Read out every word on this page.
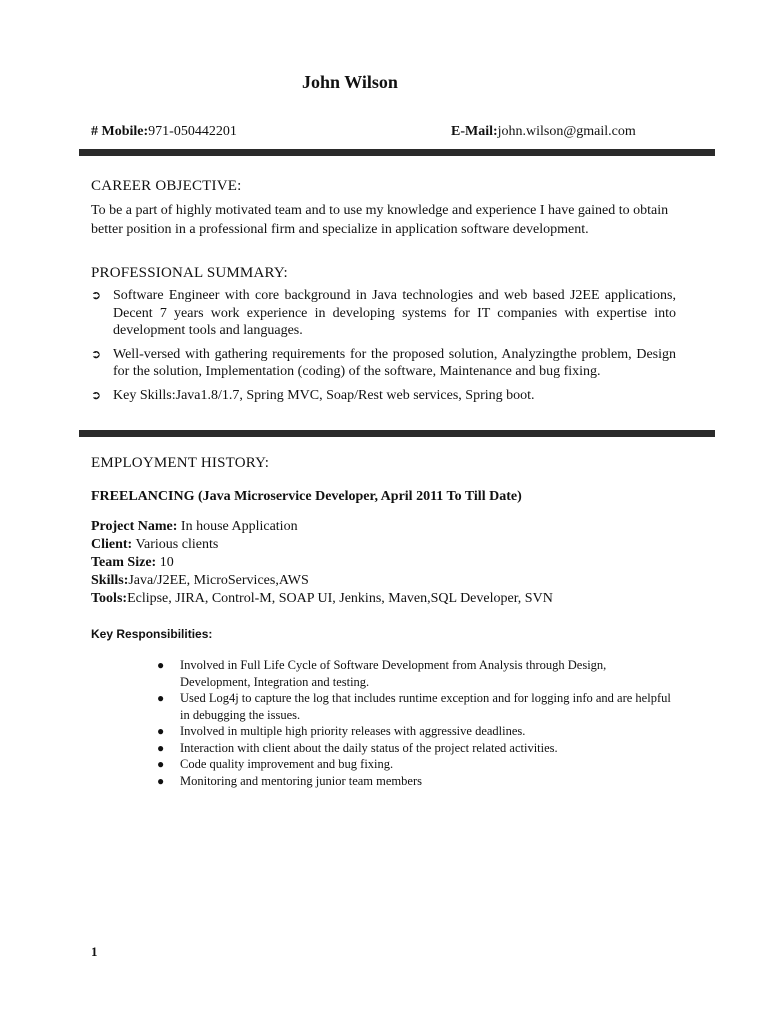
John Wilson
# Mobile:971-050442201	E-Mail:john.wilson@gmail.com
CAREER OBJECTIVE:
To be a part of highly motivated team and to use my knowledge and experience I have gained to obtain better position in a professional firm and specialize in application software development.
PROFESSIONAL SUMMARY:
➲ Software Engineer with core background in Java technologies and web based J2EE applications, Decent 7 years work experience in developing systems for IT companies with expertise into development tools and languages.
➲ Well-versed with gathering requirements for the proposed solution, Analyzingthe problem, Design for the solution, Implementation (coding) of the software, Maintenance and bug fixing.
➲ Key Skills:Java1.8/1.7, Spring MVC, Soap/Rest web services, Spring boot.
EMPLOYMENT HISTORY:
FREELANCING (Java Microservice Developer, April 2011 To Till Date)
Project Name: In house Application
Client: Various clients
Team Size: 10
Skills:Java/J2EE, MicroServices,AWS
Tools:Eclipse, JIRA, Control-M, SOAP UI, Jenkins, Maven,SQL Developer, SVN
Key Responsibilities:
● Involved in Full Life Cycle of Software Development from Analysis through Design, Development, Integration and testing.
● Used Log4j to capture the log that includes runtime exception and for logging info and are helpful in debugging the issues.
● Involved in multiple high priority releases with aggressive deadlines.
● Interaction with client about the daily status of the project related activities.
● Code quality improvement and bug fixing.
● Monitoring and mentoring junior team members
1
